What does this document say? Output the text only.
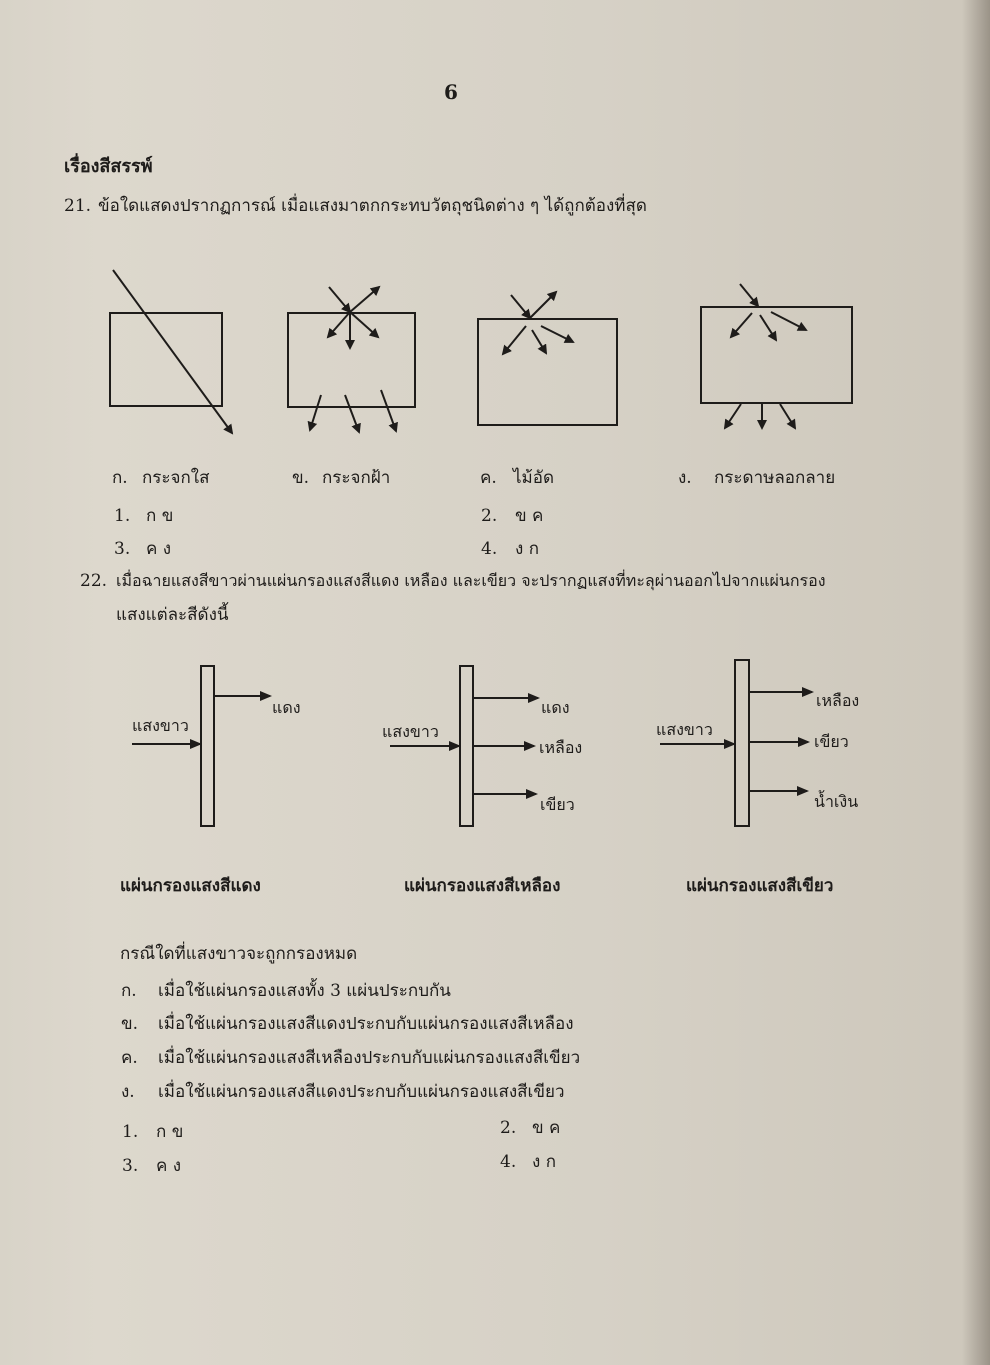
6
เรื่องสีสรรพ์
21. ข้อใดแสดงปรากฏการณ์ เมื่อแสงมาตกกระทบวัตถุชนิดต่าง ๆ ได้ถูกต้องที่สุด
ก. กระจกใส	ข. กระจกฝ้า	ค. ไม้อัด	ง. กระดาษลอกลาย
1. ก ข	2. ข ค
3. ค ง	4. ง ก
22. เมื่อฉายแสงสีขาวผ่านแผ่นกรองแสงสีแดง เหลือง และเขียว จะปรากฏแสงที่ทะลุผ่านออกไปจากแผ่นกรอง
แสงแต่ละสีดังนี้
แสงขาว
แดง
แสงขาว
แดง
เหลือง
เขียว
แสงขาว
เหลือง
เขียว
น้ำเงิน
แผ่นกรองแสงสีแดง	แผ่นกรองแสงสีเหลือง	แผ่นกรองแสงสีเขียว
กรณีใดที่แสงขาวจะถูกกรองหมด
ก. เมื่อใช้แผ่นกรองแสงทั้ง 3 แผ่นประกบกัน
ข. เมื่อใช้แผ่นกรองแสงสีแดงประกบกับแผ่นกรองแสงสีเหลือง
ค. เมื่อใช้แผ่นกรองแสงสีเหลืองประกบกับแผ่นกรองแสงสีเขียว
ง. เมื่อใช้แผ่นกรองแสงสีแดงประกบกับแผ่นกรองแสงสีเขียว
1. ก ข	2. ข ค
3. ค ง	4. ง ก
